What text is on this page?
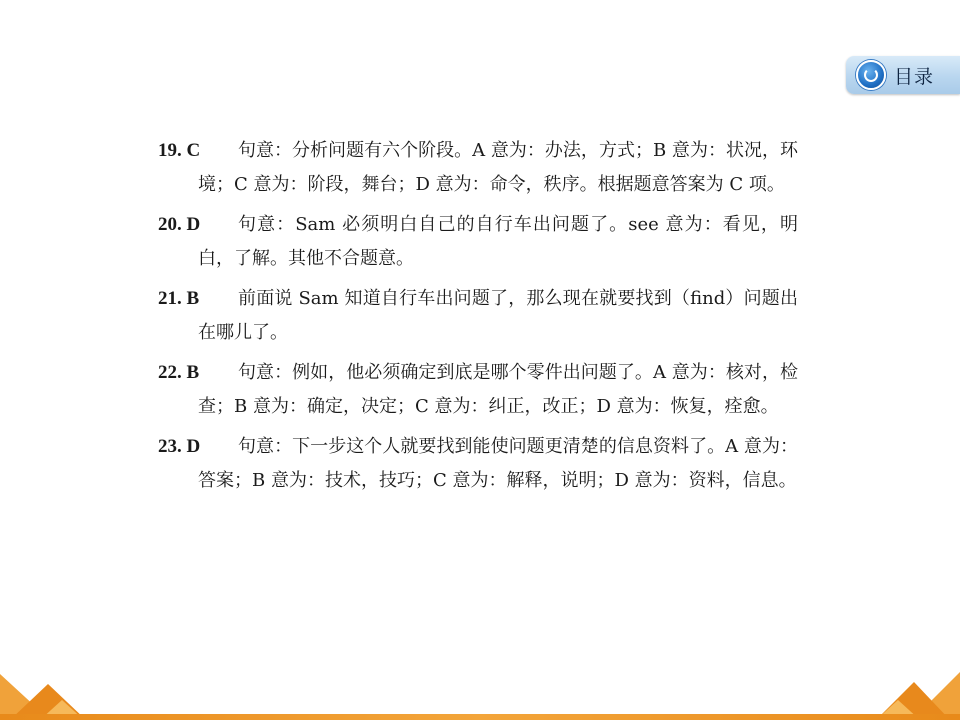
目录
19. C	句意：分析问题有六个阶段。A 意为：办法，方式；B 意为：状况，环境；C 意为：阶段，舞台；D 意为：命令，秩序。根据题意答案为 C 项。
20. D	句意：Sam 必须明白自己的自行车出问题了。see 意为：看见，明白，了解。其他不合题意。
21. B	前面说 Sam 知道自行车出问题了，那么现在就要找到（find）问题出在哪儿了。
22. B	句意：例如，他必须确定到底是哪个零件出问题了。A 意为：核对，检查；B 意为：确定，决定；C 意为：纠正，改正；D 意为：恢复，痊愈。
23. D	句意：下一步这个人就要找到能使问题更清楚的信息资料了。A 意为：答案；B 意为：技术，技巧；C 意为：解释，说明；D 意为：资料，信息。
